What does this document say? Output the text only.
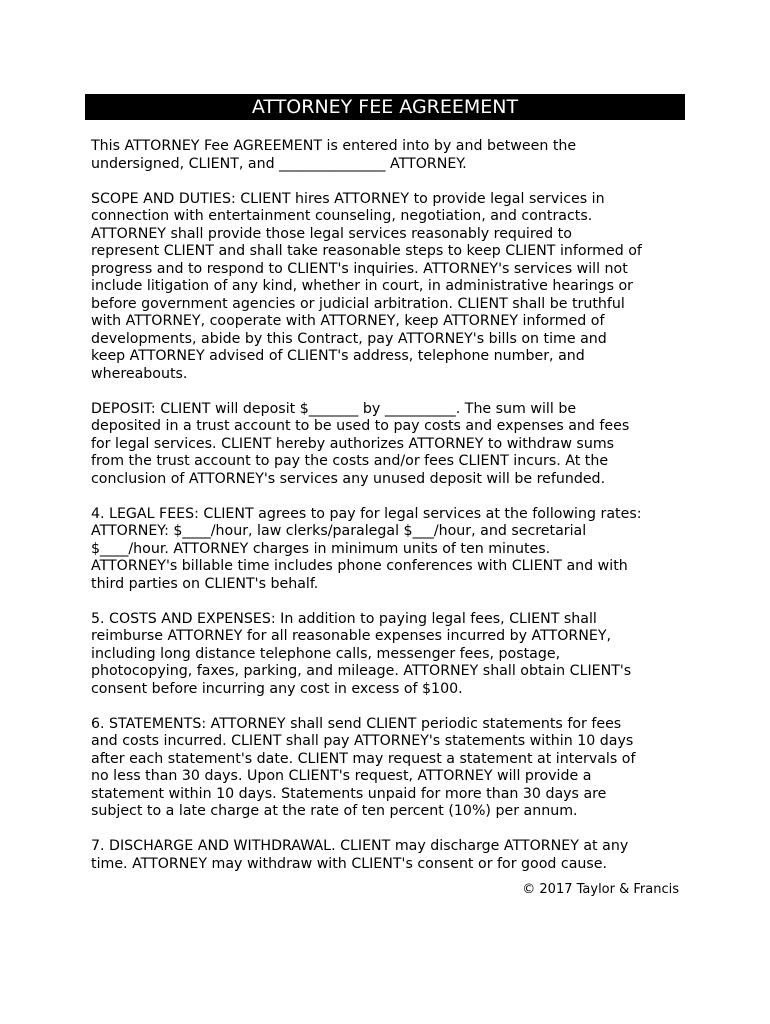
ATTORNEY FEE AGREEMENT

This ATTORNEY Fee AGREEMENT is entered into by and between the
undersigned, CLIENT, and _______________ ATTORNEY.

SCOPE AND DUTIES: CLIENT hires ATTORNEY to provide legal services in
connection with entertainment counseling, negotiation, and contracts.
ATTORNEY shall provide those legal services reasonably required to
represent CLIENT and shall take reasonable steps to keep CLIENT informed of
progress and to respond to CLIENT's inquiries. ATTORNEY's services will not
include litigation of any kind, whether in court, in administrative hearings or
before government agencies or judicial arbitration. CLIENT shall be truthful
with ATTORNEY, cooperate with ATTORNEY, keep ATTORNEY informed of
developments, abide by this Contract, pay ATTORNEY's bills on time and
keep ATTORNEY advised of CLIENT's address, telephone number, and
whereabouts.

DEPOSIT: CLIENT will deposit $_______ by __________. The sum will be
deposited in a trust account to be used to pay costs and expenses and fees
for legal services. CLIENT hereby authorizes ATTORNEY to withdraw sums
from the trust account to pay the costs and/or fees CLIENT incurs. At the
conclusion of ATTORNEY's services any unused deposit will be refunded.

4. LEGAL FEES: CLIENT agrees to pay for legal services at the following rates:
ATTORNEY: $____/hour, law clerks/paralegal $___/hour, and secretarial
$____/hour. ATTORNEY charges in minimum units of ten minutes.
ATTORNEY's billable time includes phone conferences with CLIENT and with
third parties on CLIENT's behalf.

5. COSTS AND EXPENSES: In addition to paying legal fees, CLIENT shall
reimburse ATTORNEY for all reasonable expenses incurred by ATTORNEY,
including long distance telephone calls, messenger fees, postage,
photocopying, faxes, parking, and mileage. ATTORNEY shall obtain CLIENT's
consent before incurring any cost in excess of $100.

6. STATEMENTS: ATTORNEY shall send CLIENT periodic statements for fees
and costs incurred. CLIENT shall pay ATTORNEY's statements within 10 days
after each statement's date. CLIENT may request a statement at intervals of
no less than 30 days. Upon CLIENT's request, ATTORNEY will provide a
statement within 10 days. Statements unpaid for more than 30 days are
subject to a late charge at the rate of ten percent (10%) per annum.

7. DISCHARGE AND WITHDRAWAL. CLIENT may discharge ATTORNEY at any
time. ATTORNEY may withdraw with CLIENT's consent or for good cause.

© 2017 Taylor & Francis
